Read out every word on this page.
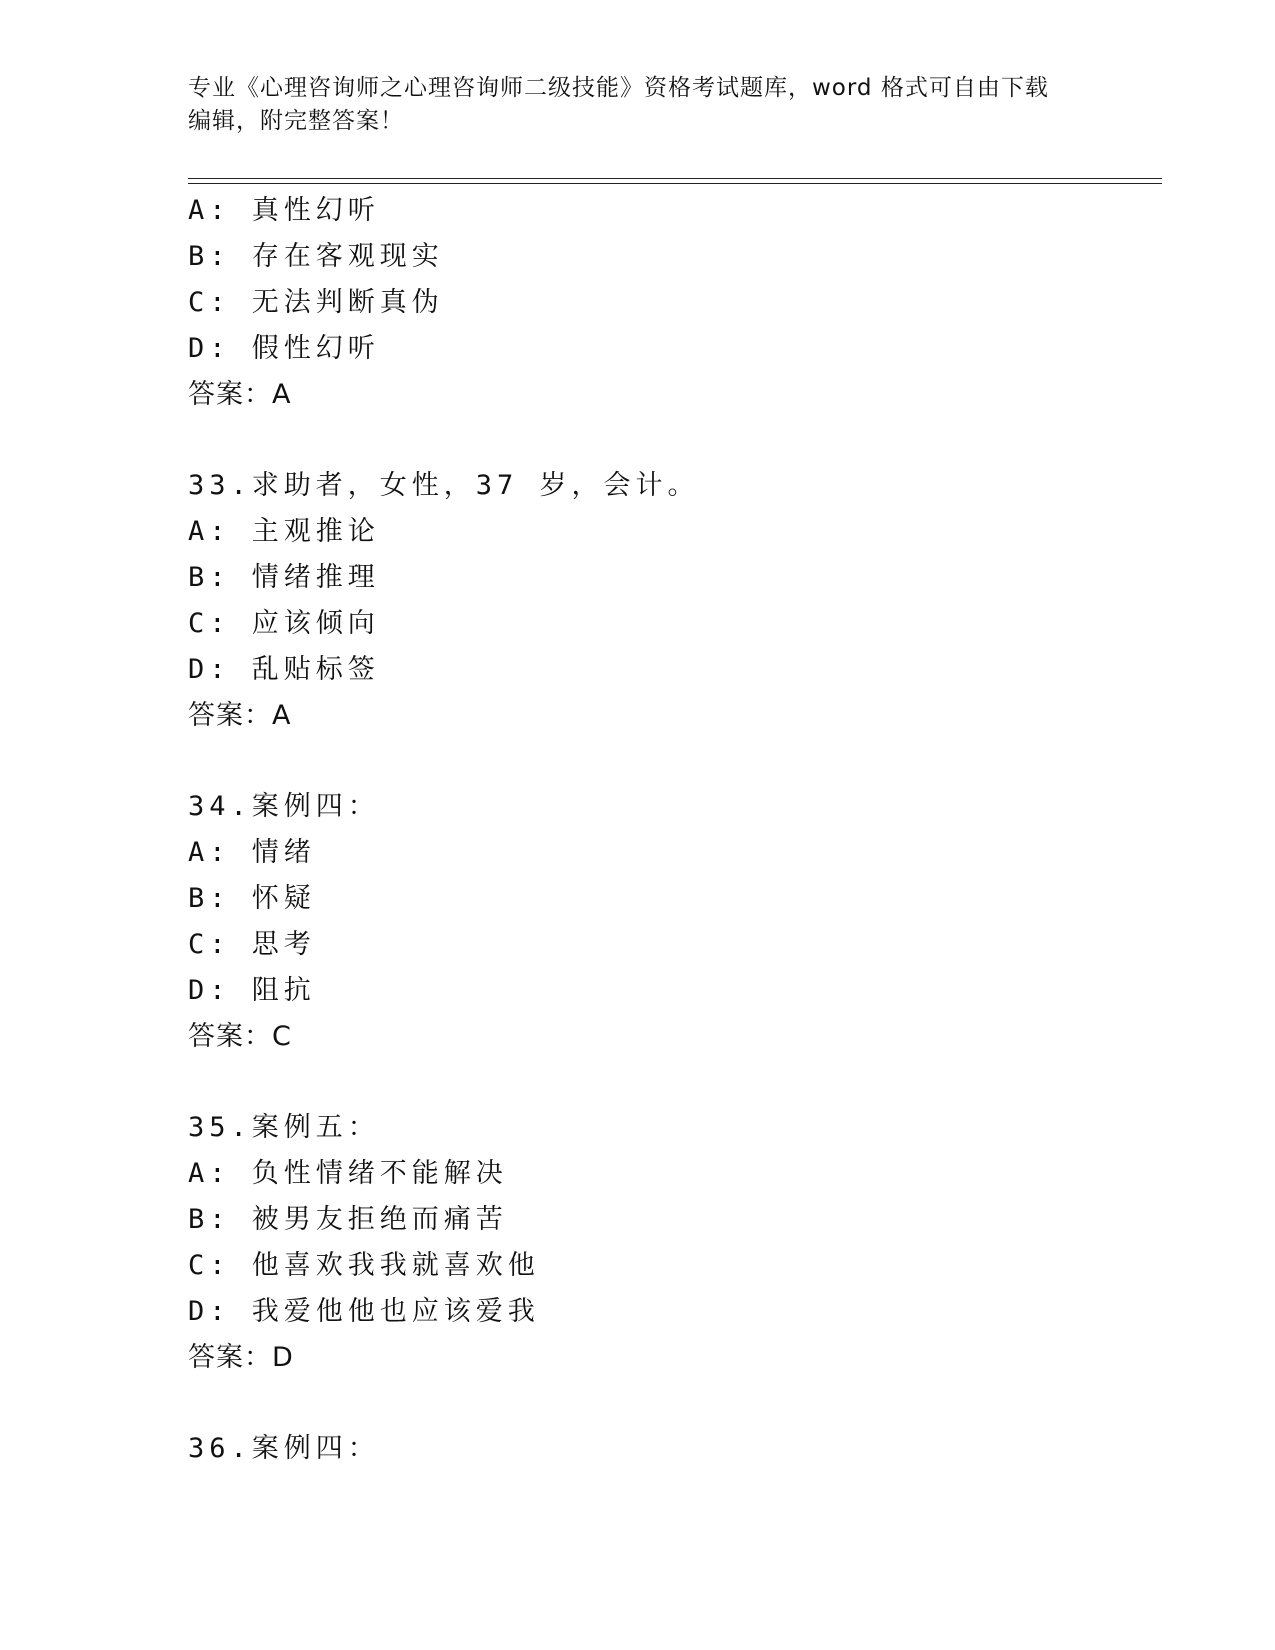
专业《心理咨询师之心理咨询师二级技能》资格考试题库，word 格式可自由下载
编辑，附完整答案！
A: 真性幻听
B: 存在客观现实
C: 无法判断真伪
D: 假性幻听
答案：A
33.求助者，女性，37 岁，会计。
A: 主观推论
B: 情绪推理
C: 应该倾向
D: 乱贴标签
答案：A
34.案例四：
A: 情绪
B: 怀疑
C: 思考
D: 阻抗
答案：C
35.案例五：
A: 负性情绪不能解决
B: 被男友拒绝而痛苦
C: 他喜欢我我就喜欢他
D: 我爱他他也应该爱我
答案：D
36.案例四：
